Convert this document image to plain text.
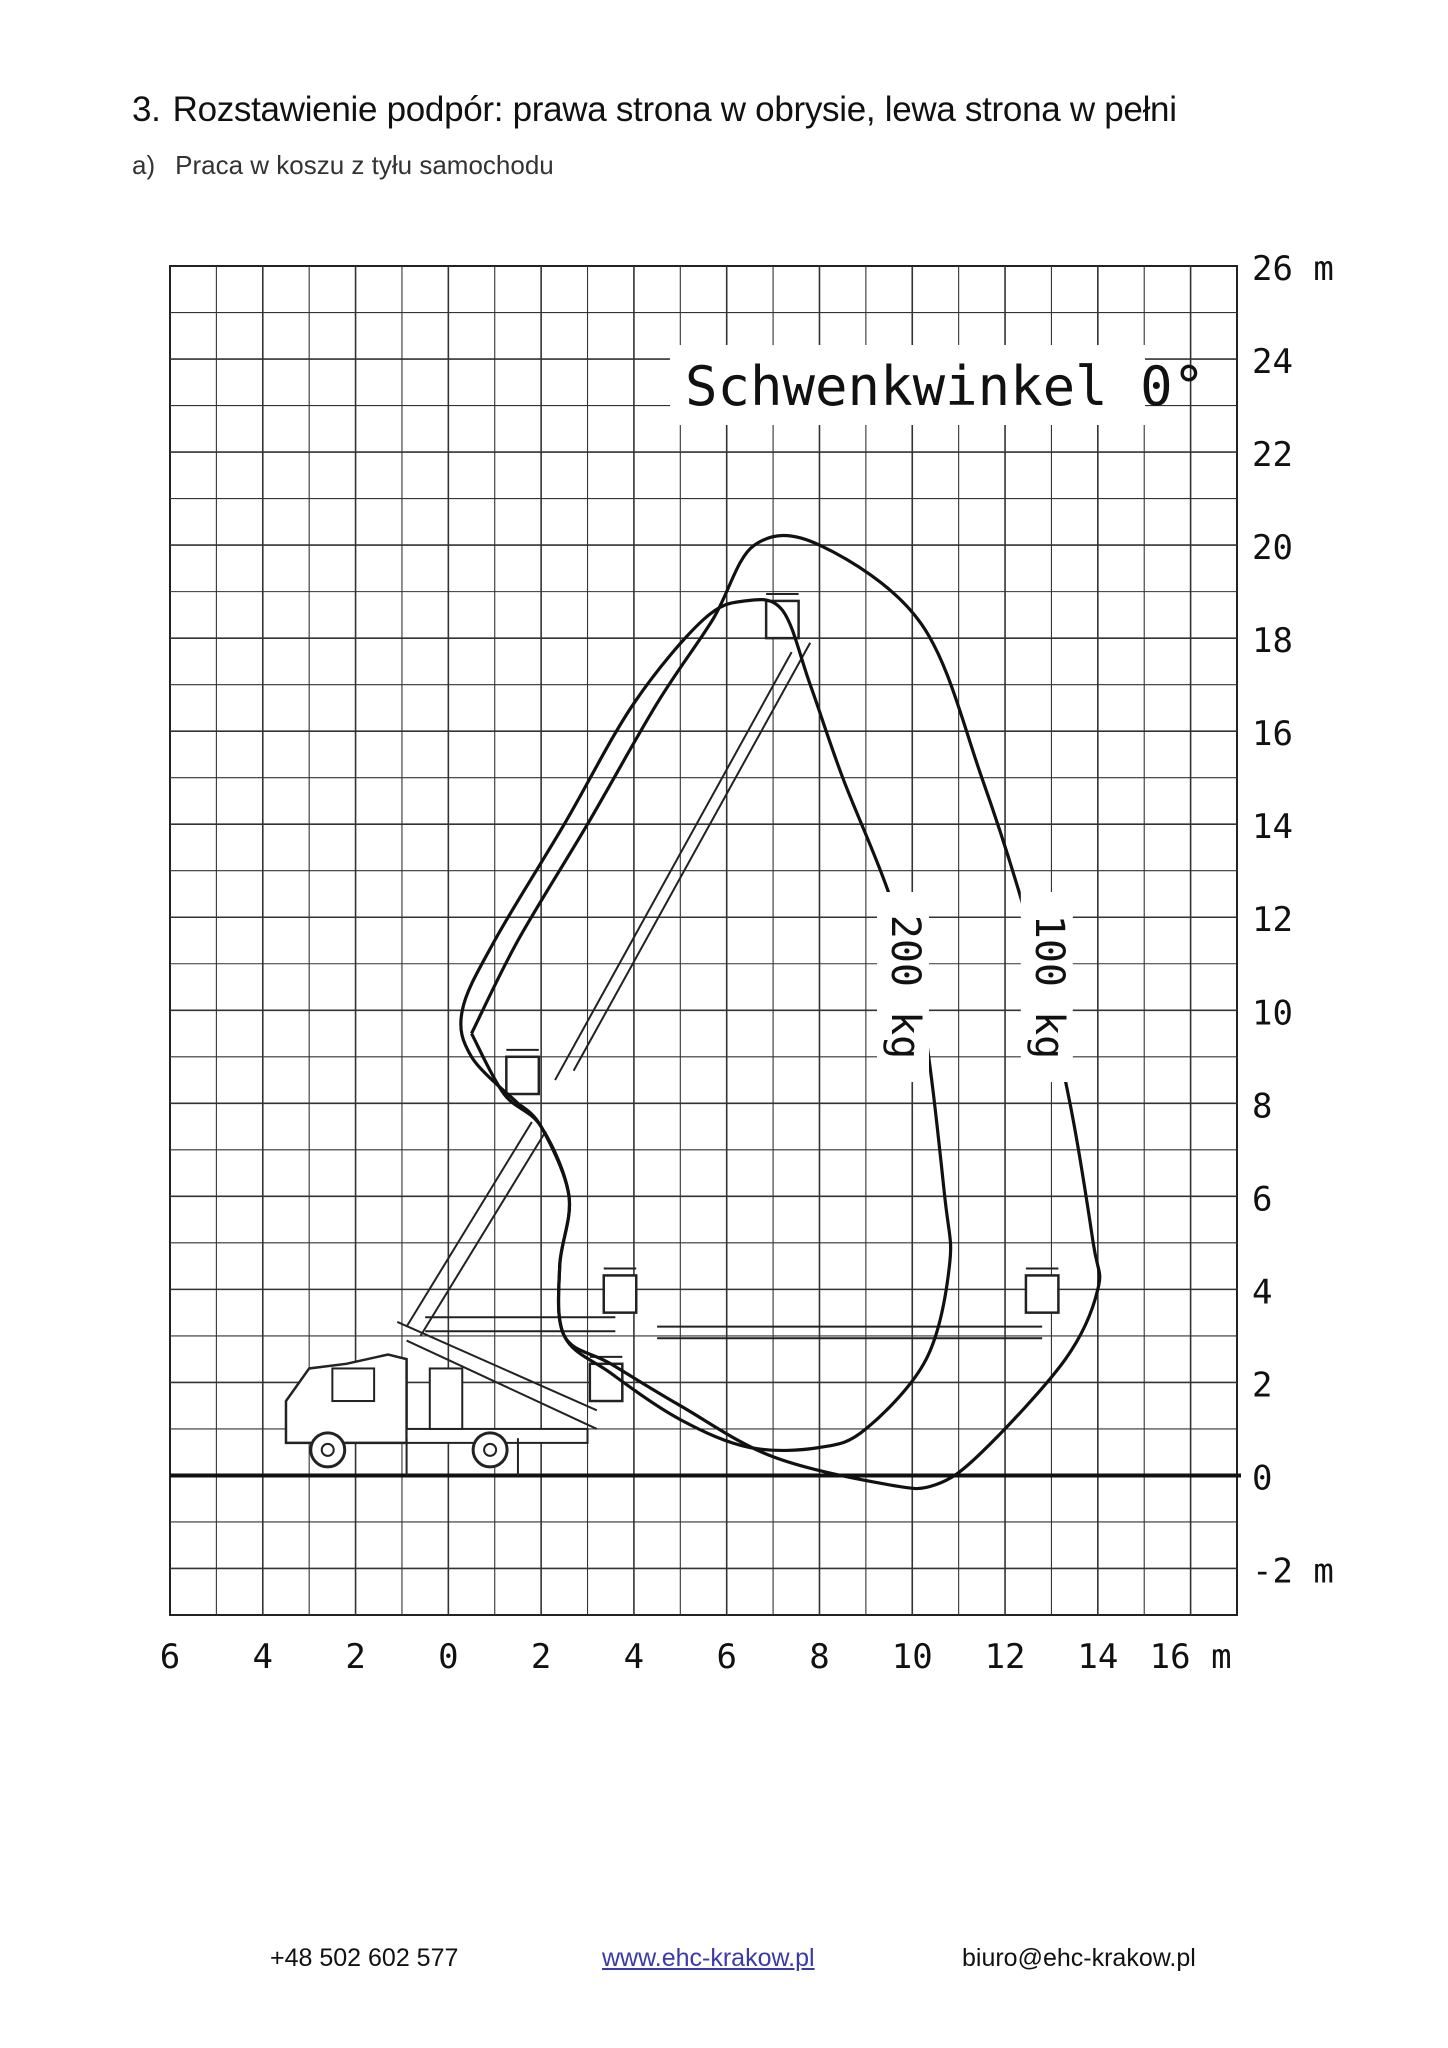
3. Rozstawienie podpór: prawa strona w obrysie, lewa strona w pełni
a) Praca w koszu z tyłu samochodu
Schwenkwinkel 0°
6 4 2 0 2 4 6 8 10 12 14 16 m
-2 m
0
2
4
6
8
10
12
14
16
18
20
22
24
26 m
200 kg 100 kg
+48 502 602 577	www.ehc-krakow.pl	biuro@ehc-krakow.pl
